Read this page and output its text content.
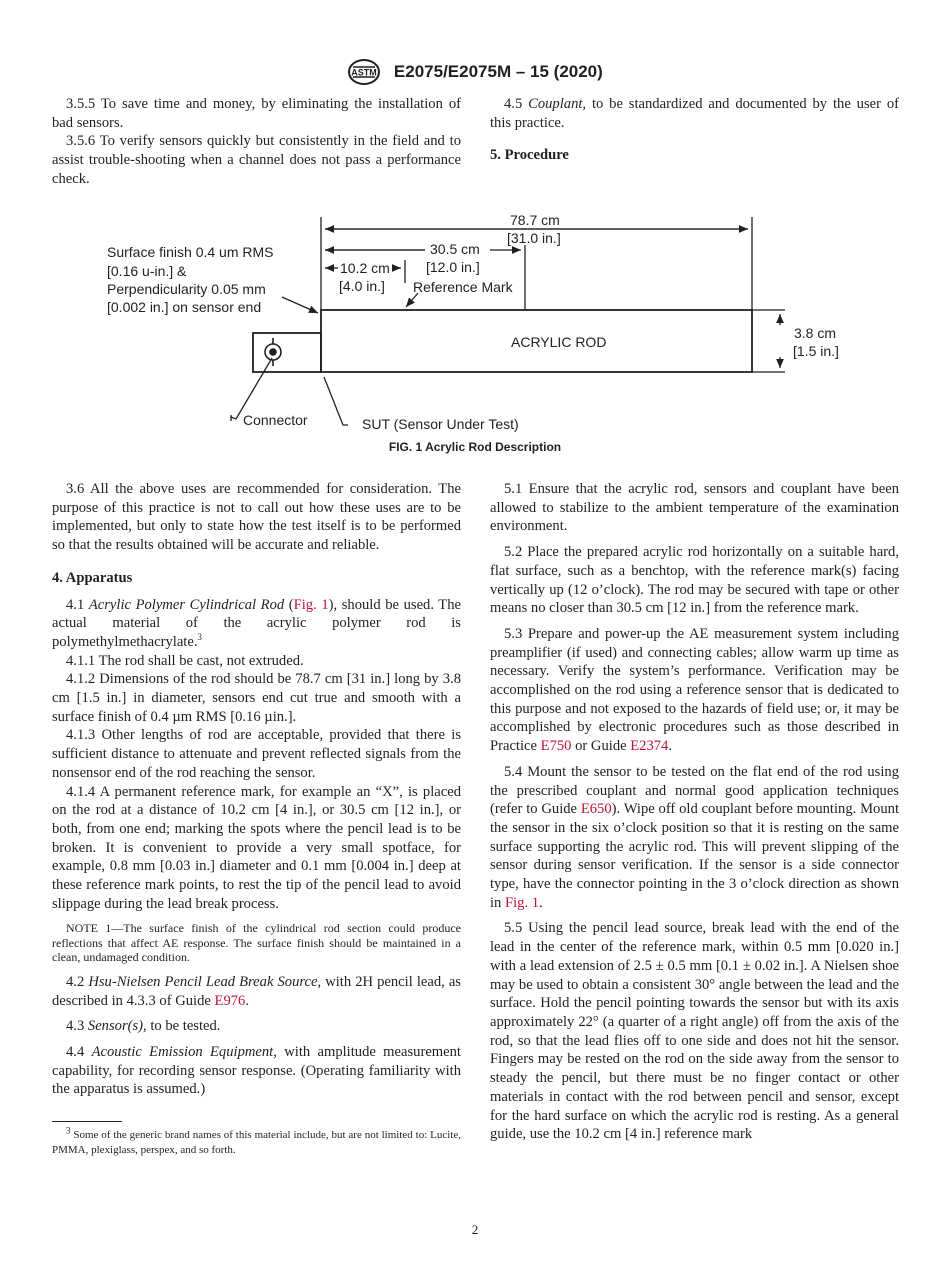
ASTM E2075/E2075M – 15 (2020)

3.5.5 To save time and money, by eliminating the installation of bad sensors.

3.5.6 To verify sensors quickly but consistently in the field and to assist trouble-shooting when a channel does not pass a performance check.

4.5 Couplant, to be standardized and documented by the user of this practice.

5. Procedure
Surface finish 0.4 um RMS
[0.16 u-in.] &
Perpendicularity 0.05 mm
[0.002 in.] on sensor end
78.7 cm
[31.0 in.]
30.5 cm
[12.0 in.]
10.2 cm
[4.0 in.] Reference Mark
ACRYLIC ROD
3.8 cm
[1.5 in.]
Connector	SUT (Sensor Under Test)
FIG. 1 Acrylic Rod Description

3.6 All the above uses are recommended for consideration. The purpose of this practice is not to call out how these uses are to be implemented, but only to state how the test itself is to be performed so that the results obtained will be accurate and reliable.

4. Apparatus

4.1 Acrylic Polymer Cylindrical Rod (Fig. 1), should be used. The actual material of the acrylic polymer rod is polymethylmethacrylate.$^3$

4.1.1 The rod shall be cast, not extruded.

4.1.2 Dimensions of the rod should be 78.7 cm [31 in.] long by 3.8 cm [1.5 in.] in diameter, sensors end cut true and smooth with a surface finish of 0.4 µm RMS [0.16 µin.].

4.1.3 Other lengths of rod are acceptable, provided that there is sufficient distance to attenuate and prevent reflected signals from the nonsensor end of the rod reaching the sensor.

4.1.4 A permanent reference mark, for example an “X”, is placed on the rod at a distance of 10.2 cm [4 in.], or 30.5 cm [12 in.], or both, from one end; marking the spots where the pencil lead is to be broken. It is convenient to provide a very small spotface, for example, 0.8 mm [0.03 in.] diameter and 0.1 mm [0.004 in.] deep at these reference mark points, to rest the tip of the pencil lead to avoid slippage during the lead break process.

NOTE 1—The surface finish of the cylindrical rod section could produce reflections that affect AE response. The surface finish should be maintained in a clean, undamaged condition.

4.2 Hsu-Nielsen Pencil Lead Break Source, with 2H pencil lead, as described in 4.3.3 of Guide E976.

4.3 Sensor(s), to be tested.

4.4 Acoustic Emission Equipment, with amplitude measurement capability, for recording sensor response. (Operating familiarity with the apparatus is assumed.)

$^3$ Some of the generic brand names of this material include, but are not limited to: Lucite, PMMA, plexiglass, perspex, and so forth.

5.1 Ensure that the acrylic rod, sensors and couplant have been allowed to stabilize to the ambient temperature of the examination environment.

5.2 Place the prepared acrylic rod horizontally on a suitable hard, flat surface, such as a benchtop, with the reference mark(s) facing vertically up (12 o’clock). The rod may be secured with tape or other means no closer than 30.5 cm [12 in.] from the reference mark.

5.3 Prepare and power-up the AE measurement system including preamplifier (if used) and connecting cables; allow warm up time as necessary. Verify the system’s performance. Verification may be accomplished on the rod using a reference sensor that is dedicated to this purpose and not exposed to the hazards of field use; or, it may be accomplished by electronic procedures such as those described in Practice E750 or Guide E2374.

5.4 Mount the sensor to be tested on the flat end of the rod using the prescribed couplant and normal good application techniques (refer to Guide E650). Wipe off old couplant before mounting. Mount the sensor in the six o’clock position so that it is resting on the same surface supporting the acrylic rod. This will prevent slipping of the sensor during sensor verification. If the sensor is a side connector type, have the connector pointing in the 3 o’clock direction as shown in Fig. 1.

5.5 Using the pencil lead source, break lead with the end of the lead in the center of the reference mark, within 0.5 mm [0.020 in.] with a lead extension of 2.5 ± 0.5 mm [0.1 ± 0.02 in.]. A Nielsen shoe may be used to obtain a consistent 30° angle between the lead and the surface. Hold the pencil pointing towards the sensor but with its axis approximately 22° (a quarter of a right angle) off from the axis of the rod, so that the lead flies off to one side and does not hit the sensor. Fingers may be rested on the rod on the side away from the sensor to steady the pencil, but there must be no finger contact or other materials in contact with the rod between pencil and sensor, except for the hard surface on which the acrylic rod is resting. As a general guide, use the 10.2 cm [4 in.] reference mark

2
